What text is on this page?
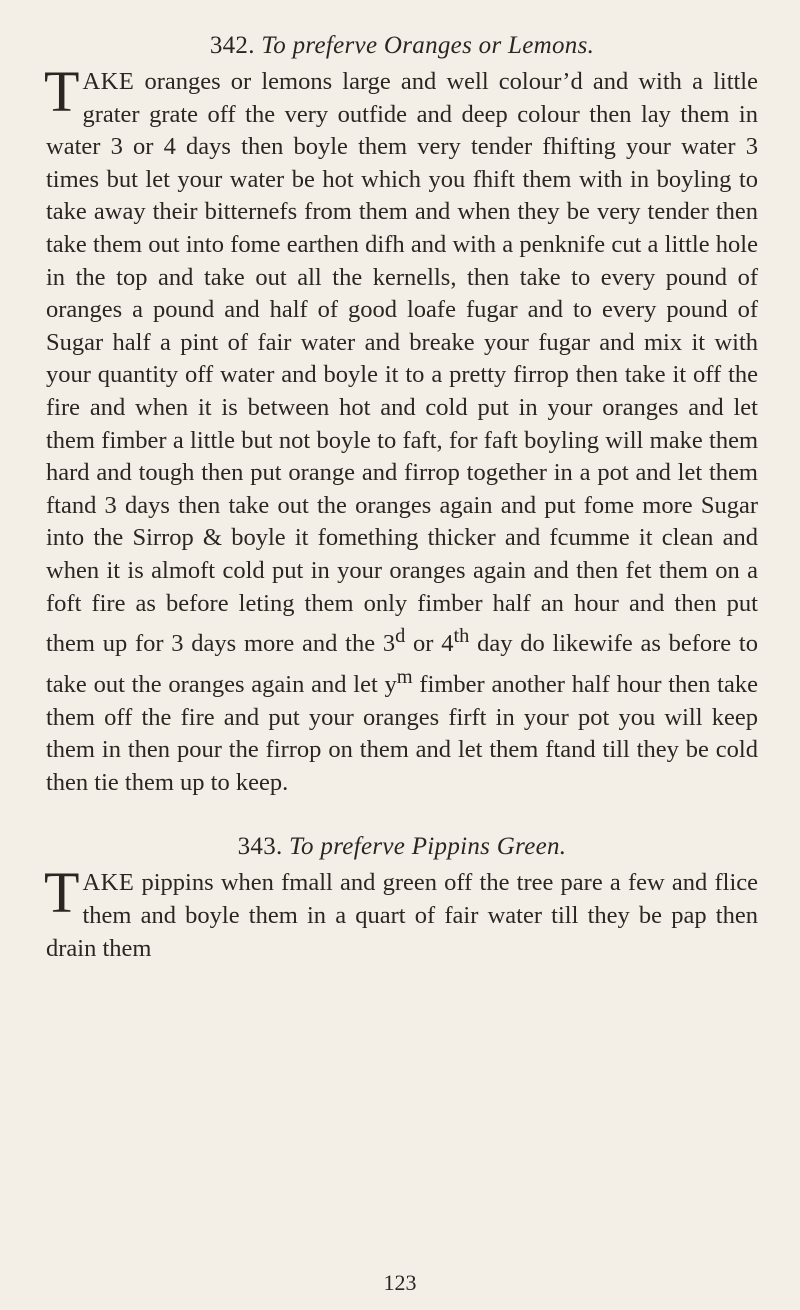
342. To preferve Oranges or Lemons.

TAKE oranges or lemons large and well colour’d and with a little grater grate off the very outfide and deep colour then lay them in water 3 or 4 days then boyle them very tender fhifting your water 3 times but let your water be hot which you fhift them with in boyling to take away their bitternefs from them and when they be very tender then take them out into fome earthen difh and with a penknife cut a little hole in the top and take out all the kernells, then take to every pound of oranges a pound and half of good loafe fugar and to every pound of Sugar half a pint of fair water and breake your fugar and mix it with your quantity off water and boyle it to a pretty firrop then take it off the fire and when it is between hot and cold put in your oranges and let them fimber a little but not boyle to faft, for faft boyling will make them hard and tough then put orange and firrop together in a pot and let them ftand 3 days then take out the oranges again and put fome more Sugar into the Sirrop & boyle it fomething thicker and fcumme it clean and when it is almoft cold put in your oranges again and then fet them on a foft fire as before leting them only fimber half an hour and then put them up for 3 days more and the 3$^d$ or 4th day do likewife as before to take out the oranges again and let $y^m$ fimber another half hour then take them off the fire and put your oranges firft in your pot you will keep them in then pour the firrop on them and let them ftand till they be cold then tie them up to keep.

343. To preferve Pippins Green.

TAKE pippins when fmall and green off the tree pare a few and flice them and boyle them in a quart of fair water till they be pap then drain them

123
